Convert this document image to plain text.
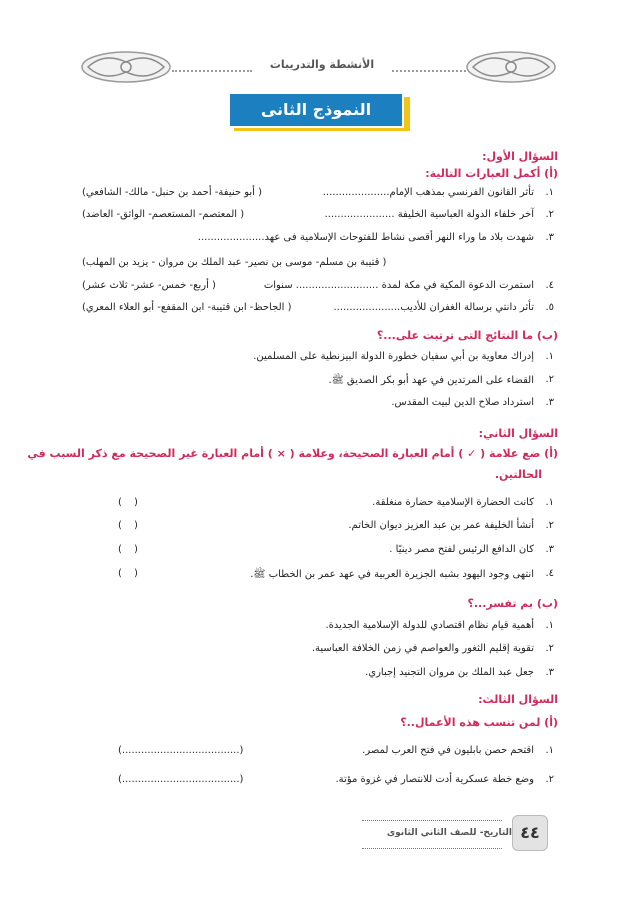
الأنشطة والتدريبات
النموذج الثانى
السؤال الأول:
(أ) أكمل العبارات التالية:
١.
تأثر القانون الفرنسي بمذهب الإمام.....................
( أبو حنيفة- أحمد بن حنبل- مالك- الشافعي)
٢.
آخر خلفاء الدولة العباسية الخليفة ......................
( المعتصم- المستعصم- الواثق- العاضد)
٣.
شهدت بلاد ما وراء النهر أقصى نشاط للفتوحات الإسلامية فى عهد.....................
( قتيبة بن مسلم- موسى بن نصير- عبد الملك بن مروان - يزيد بن المهلب)
٤.
استمرت الدعوة المكية في مكة لمدة .......................... سنوات
( أربع- خمس- عشر- ثلاث عشر)
٥.
تأثر دانتي برسالة الغفران للأديب.....................
( الجاحظ- ابن قتيبة- ابن المقفع- أبو العلاء المعري)
(ب) ما النتائج التى ترتبت على...؟
١.
إدراك معاوية بن أبي سفيان خطورة الدولة البيزنطية على المسلمين.
٢.
القضاء على المرتدين في عهد أبو بكر الصديق ﷺ.
٣.
استرداد صلاح الدين لبيت المقدس.
السؤال الثاني:
(أ) ضع علامة ( ✓ ) أمام العبارة الصحيحة، وعلامة ( × ) أمام العبارة غير الصحيحة مع ذكر السبب في
الحالتين.
١.
كانت الحضارة الإسلامية حضارة منغلقة.
( )
٢.
أنشأ الخليفة عمر بن عبد العزيز ديوان الخاتم.
( )
٣.
كان الدافع الرئيس لفتح مصر دينيًا .
( )
٤.
انتهى وجود اليهود بشبه الجزيرة العربية في عهد عمر بن الخطاب ﷺ.
( )
(ب) بم تفسر...؟
١.
أهمية قيام نظام اقتصادي للدولة الإسلامية الجديدة.
٢.
تقوية إقليم الثغور والعواصم في زمن الخلافة العباسية.
٣.
جعل عبد الملك بن مروان التجنيد إجباري.
السؤال الثالث:
(أ) لمن تنسب هذه الأعمال..؟
١.
اقتحم حصن بابليون في فتح العرب لمصر.
(.....................................)
٢.
وضع خطة عسكرية أدت للانتصار في غزوة مؤتة.
(.....................................)
التاريخ- للصف الثاني الثانوى ٤٤
